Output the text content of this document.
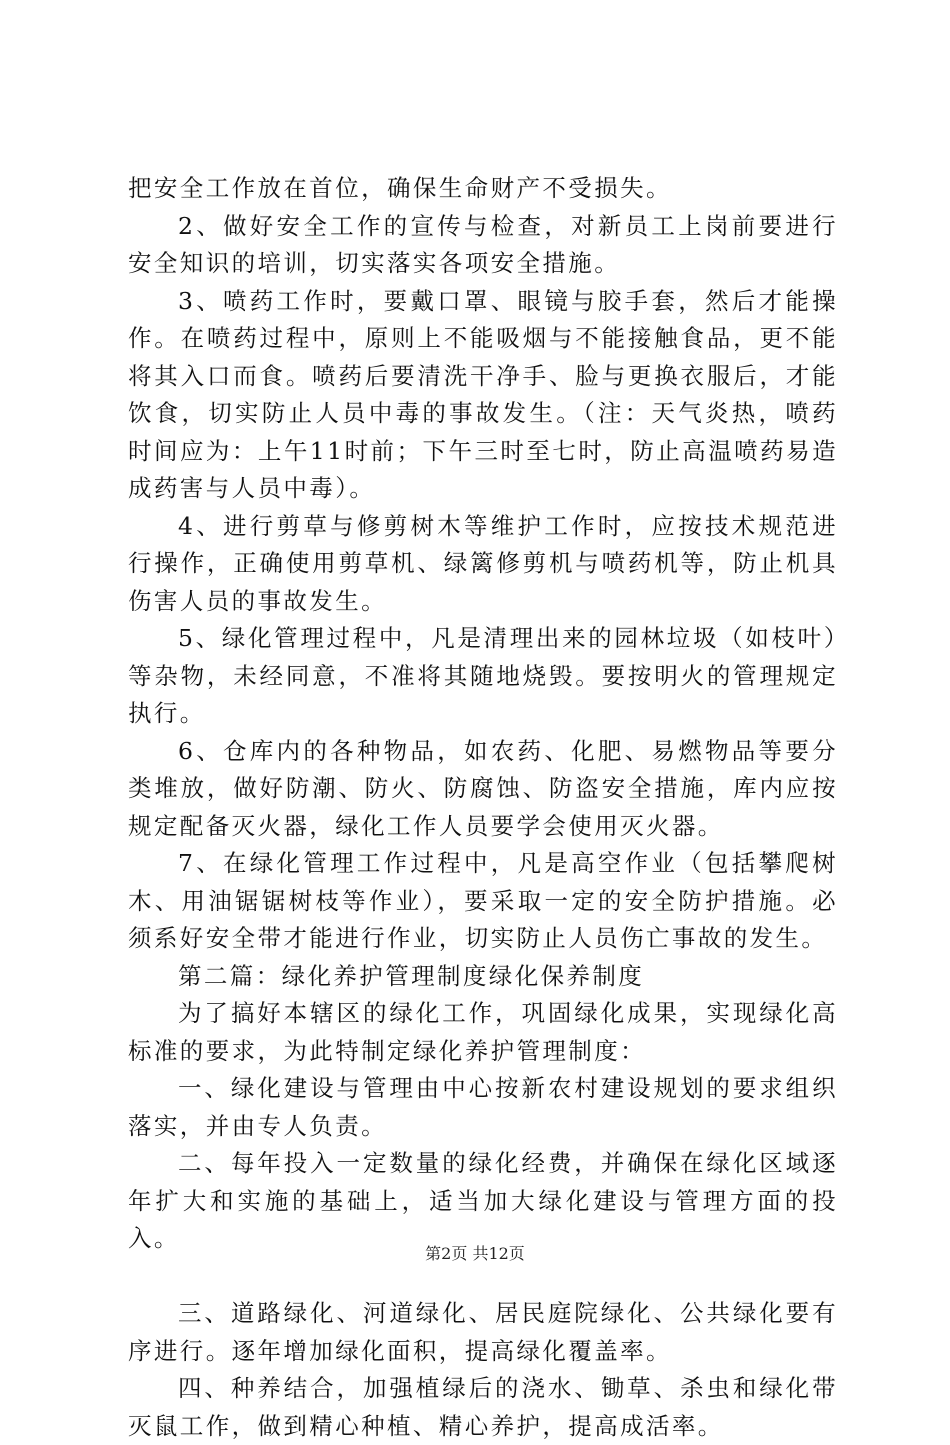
把安全工作放在首位，确保生命财产不受损失。

2、做好安全工作的宣传与检查，对新员工上岗前要进行安全知识的培训，切实落实各项安全措施。

3、喷药工作时，要戴口罩、眼镜与胶手套，然后才能操作。在喷药过程中，原则上不能吸烟与不能接触食品，更不能将其入口而食。喷药后要清洗干净手、脸与更换衣服后，才能饮食，切实防止人员中毒的事故发生。（注：天气炎热，喷药时间应为：上午11时前；下午三时至七时，防止高温喷药易造成药害与人员中毒）。

4、进行剪草与修剪树木等维护工作时，应按技术规范进行操作，正确使用剪草机、绿篱修剪机与喷药机等，防止机具伤害人员的事故发生。

5、绿化管理过程中，凡是清理出来的园林垃圾（如枝叶）等杂物，未经同意，不准将其随地烧毁。要按明火的管理规定执行。

6、仓库内的各种物品，如农药、化肥、易燃物品等要分类堆放，做好防潮、防火、防腐蚀、防盗安全措施，库内应按规定配备灭火器，绿化工作人员要学会使用灭火器。

7、在绿化管理工作过程中，凡是高空作业（包括攀爬树木、用油锯锯树枝等作业），要采取一定的安全防护措施。必须系好安全带才能进行作业，切实防止人员伤亡事故的发生。

第二篇：绿化养护管理制度绿化保养制度

为了搞好本辖区的绿化工作，巩固绿化成果，实现绿化高标准的要求，为此特制定绿化养护管理制度：

一、绿化建设与管理由中心按新农村建设规划的要求组织落实，并由专人负责。

二、每年投入一定数量的绿化经费，并确保在绿化区域逐年扩大和实施的基础上，适当加大绿化建设与管理方面的投入。

三、道路绿化、河道绿化、居民庭院绿化、公共绿化要有序进行。逐年增加绿化面积，提高绿化覆盖率。

四、种养结合，加强植绿后的浇水、锄草、杀虫和绿化带灭鼠工作，做到精心种植、精心养护，提高成活率。

第2页 共12页
